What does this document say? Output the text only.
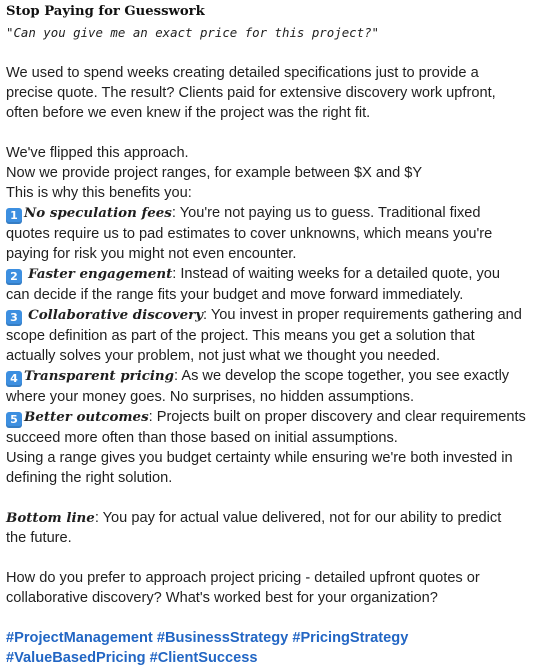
Stop Paying for Guesswork
"Can you give me an exact price for this project?"
We used to spend weeks creating detailed specifications just to provide a
precise quote. The result? Clients paid for extensive discovery work upfront,
often before we even knew if the project was the right fit.
We've flipped this approach.
Now we provide project ranges, for example between $X and $Y
This is why this benefits you:
1 No speculation fees: You're not paying us to guess. Traditional fixed
quotes require us to pad estimates to cover unknowns, which means you're
paying for risk you might not even encounter.
2 Faster engagement: Instead of waiting weeks for a detailed quote, you
can decide if the range fits your budget and move forward immediately.
3 Collaborative discovery: You invest in proper requirements gathering and
scope definition as part of the project. This means you get a solution that
actually solves your problem, not just what we thought you needed.
4 Transparent pricing: As we develop the scope together, you see exactly
where your money goes. No surprises, no hidden assumptions.
5 Better outcomes: Projects built on proper discovery and clear requirements
succeed more often than those based on initial assumptions.
Using a range gives you budget certainty while ensuring we're both invested in
defining the right solution.
Bottom line: You pay for actual value delivered, not for our ability to predict
the future.
How do you prefer to approach project pricing - detailed upfront quotes or
collaborative discovery? What's worked best for your organization?
#ProjectManagement #BusinessStrategy #PricingStrategy
#ValueBasedPricing #ClientSuccess
